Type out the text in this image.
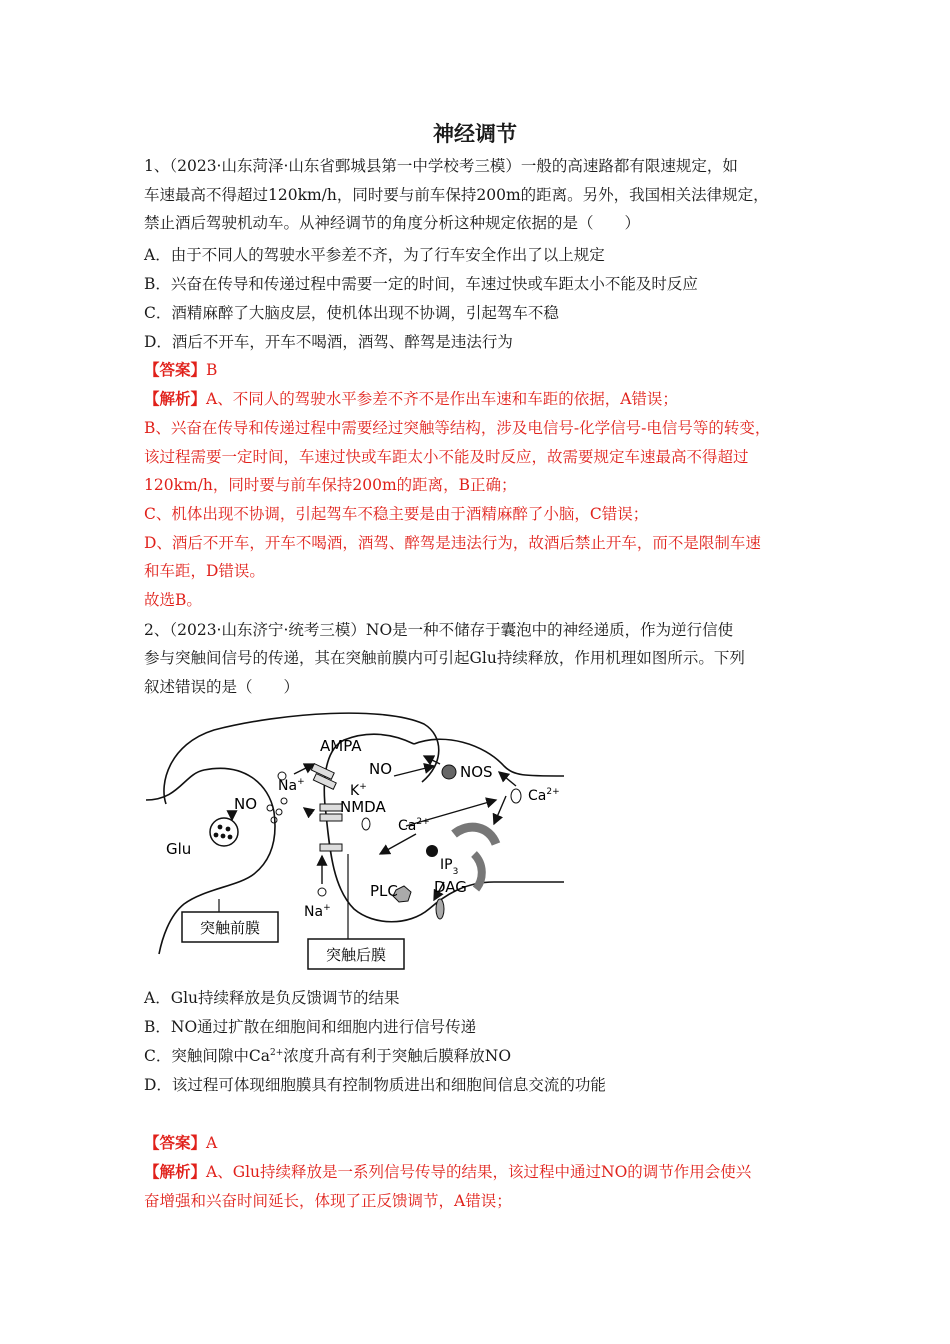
神经调节
1、（2023·山东菏泽·山东省鄄城县第一中学校考三模）一般的高速路都有限速规定，如
车速最高不得超过120km/h，同时要与前车保持200m的距离。另外，我国相关法律规定，
禁止酒后驾驶机动车。从神经调节的角度分析这种规定依据的是（　　）
A．由于不同人的驾驶水平参差不齐，为了行车安全作出了以上规定
B．兴奋在传导和传递过程中需要一定的时间，车速过快或车距太小不能及时反应
C．酒精麻醉了大脑皮层，使机体出现不协调，引起驾车不稳
D．酒后不开车，开车不喝酒，酒驾、醉驾是违法行为
【答案】B
【解析】A、不同人的驾驶水平参差不齐不是作出车速和车距的依据，A错误；
B、兴奋在传导和传递过程中需要经过突触等结构，涉及电信号-化学信号-电信号等的转变，
该过程需要一定时间，车速过快或车距太小不能及时反应，故需要规定车速最高不得超过
120km/h，同时要与前车保持200m的距离，B正确；
C、机体出现不协调，引起驾车不稳主要是由于酒精麻醉了小脑，C错误；
D、酒后不开车，开车不喝酒，酒驾、醉驾是违法行为，故酒后禁止开车，而不是限制车速
和车距，D错误。
故选B。
2、（2023·山东济宁·统考三模）NO是一种不储存于囊泡中的神经递质，作为逆行信使
参与突触间信号的传递，其在突触前膜内可引起Glu持续释放，作用机理如图所示。下列
叙述错误的是（　　）
AMPA
NO	NOS
Na+
K+
NO	NMDA
$Ca^{2+}$
$Ca^{2+}$
Glu
$IP_3$
PLC DAG
Na+
突触前膜
突触后膜
A．Glu持续释放是负反馈调节的结果
B．NO通过扩散在细胞间和细胞内进行信号传递
C．突触间隙中$Ca^{2+}$浓度升高有利于突触后膜释放NO
D．该过程可体现细胞膜具有控制物质进出和细胞间信息交流的功能
【答案】A
【解析】A、Glu持续释放是一系列信号传导的结果，该过程中通过NO的调节作用会使兴
奋增强和兴奋时间延长，体现了正反馈调节，A错误；
